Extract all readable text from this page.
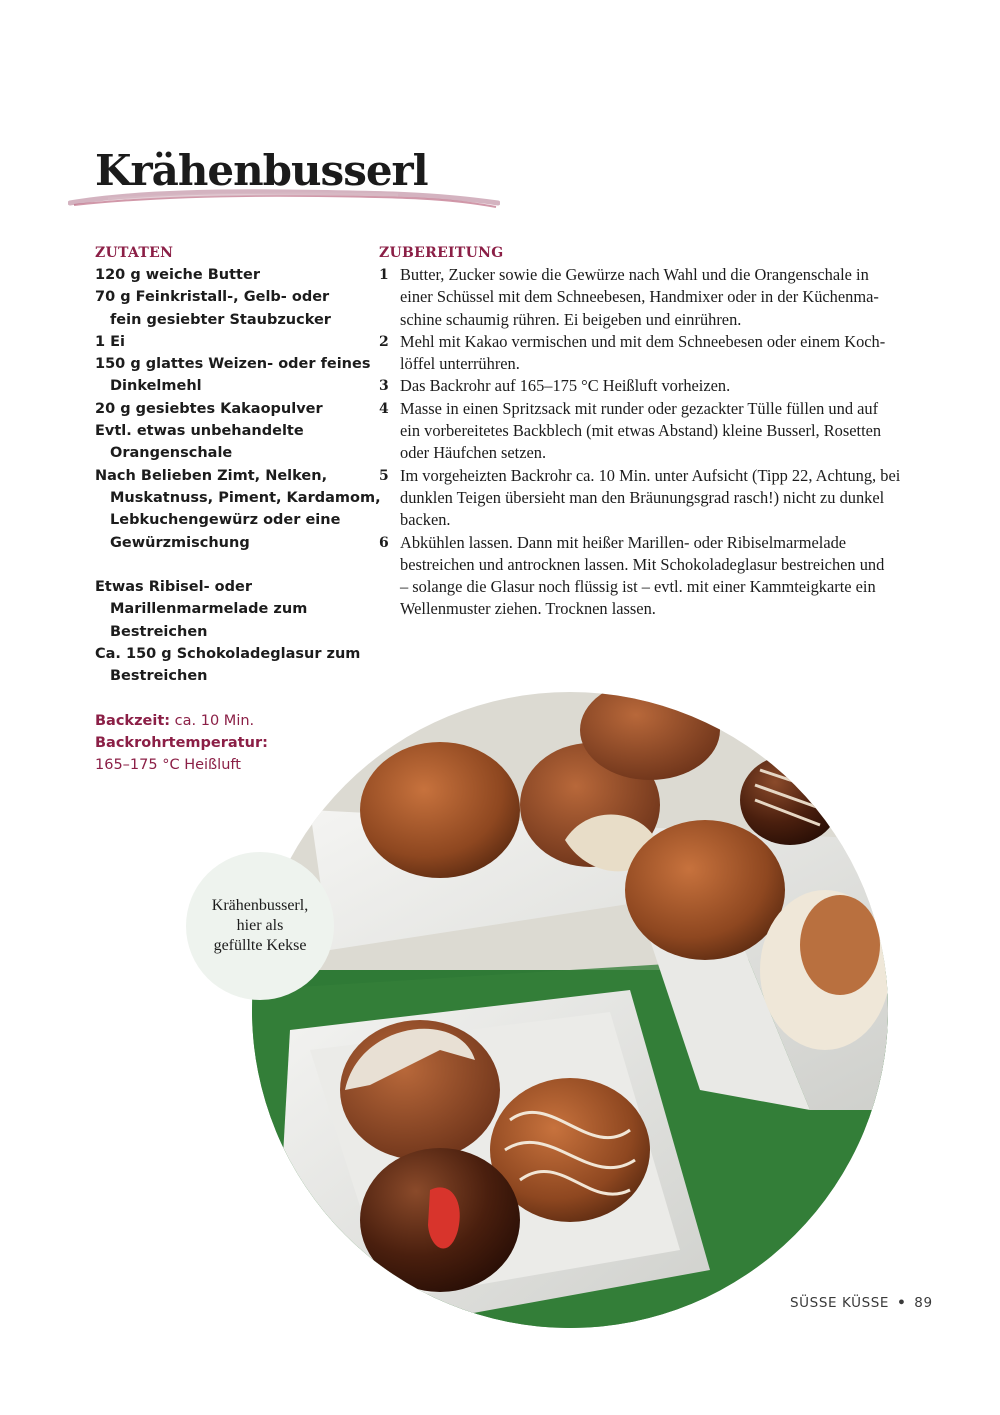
Krähenbusserl
ZUTATEN
120 g weiche Butter
70 g Feinkristall-, Gelb- oder
fein gesiebter Staubzucker
1 Ei
150 g glattes Weizen- oder feines
Dinkelmehl
20 g gesiebtes Kakaopulver
Evtl. etwas unbehandelte
Orangenschale
Nach Belieben Zimt, Nelken,
Muskatnuss, Piment, Kardamom,
Lebkuchengewürz oder eine
Gewürzmischung
Etwas Ribisel- oder
Marillenmarmelade zum
Bestreichen
Ca. 150 g Schokoladeglasur zum
Bestreichen
Backzeit: ca. 10 Min.
Backrohrtemperatur:
165–175 °C Heißluft
ZUBEREITUNG
1 Butter, Zucker sowie die Gewürze nach Wahl und die Orangenschale in
einer Schüssel mit dem Schneebesen, Handmixer oder in der Küchenma-
schine schaumig rühren. Ei beigeben und einrühren.
2 Mehl mit Kakao vermischen und mit dem Schneebesen oder einem Koch-
löffel unterrühren.
3 Das Backrohr auf 165–175 °C Heißluft vorheizen.
4 Masse in einen Spritzsack mit runder oder gezackter Tülle füllen und auf
ein vorbereitetes Backblech (mit etwas Abstand) kleine Busserl, Rosetten
oder Häufchen setzen.
5 Im vorgeheizten Backrohr ca. 10 Min. unter Aufsicht (Tipp 22, Achtung, bei
dunklen Teigen übersieht man den Bräunungsgrad rasch!) nicht zu dunkel
backen.
6 Abkühlen lassen. Dann mit heißer Marillen- oder Ribiselmarmelade
bestreichen und antrocknen lassen. Mit Schokoladeglasur bestreichen und
– solange die Glasur noch flüssig ist – evtl. mit einer Kammteigkarte ein
Wellenmuster ziehen. Trocknen lassen.
Krähenbusserl,
hier als
gefüllte Kekse
SÜSSE KÜSSE • 89
